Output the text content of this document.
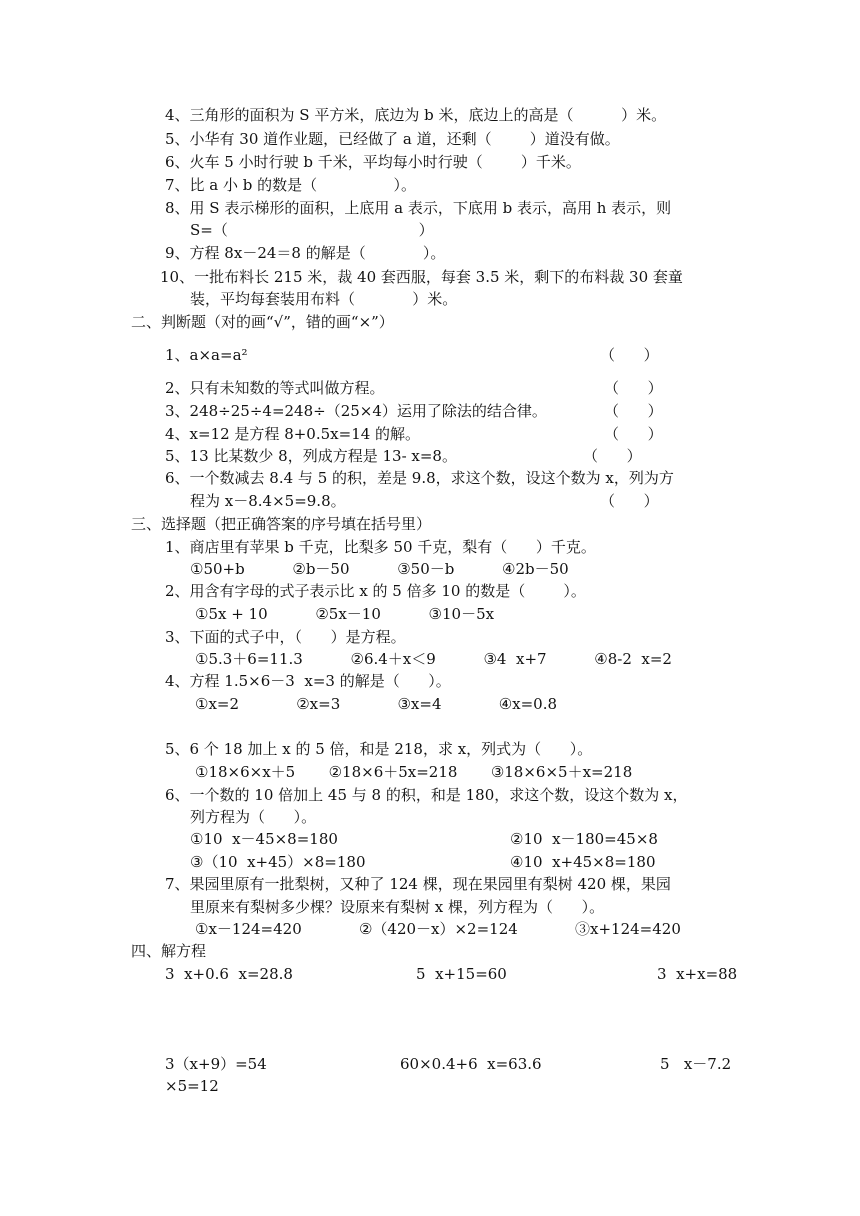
4、三角形的面积为 S 平方米，底边为 b 米，底边上的高是（          ）米。
5、小华有 30 道作业题，已经做了 a 道，还剩（        ）道没有做。
6、火车 5 小时行驶 b 千米，平均每小时行驶（        ）千米。
7、比 a 小 b 的数是（                ）。
8、用 S 表示梯形的面积，上底用 a 表示，下底用 b 表示，高用 h 表示，则
S=（                                        ）
9、方程 8x－24＝8 的解是（            ）。
10、一批布料长 215 米，裁 40 套西服，每套 3.5 米，剩下的布料裁 30 套童
装，平均每套装用布料（            ）米。
二、判断题（对的画“√”，错的画“×”）
1、a×a=a²	（      ）
2、只有未知数的等式叫做方程。	（      ）
3、248÷25÷4=248÷（25×4）运用了除法的结合律。	（      ）
4、x=12 是方程 8+0.5x=14 的解。	（      ）
5、13 比某数少 8，列成方程是 13- x=8。	（      ）
6、一个数减去 8.4 与 5 的积，差是 9.8，求这个数，设这个数为 x，列为方
程为 x－8.4×5=9.8。	（      ）
三、选择题（把正确答案的序号填在括号里）
1、商店里有苹果 b 千克，比梨多 50 千克，梨有（      ）千克。
①50+b          ②b－50          ③50－b          ④2b－50
2、用含有字母的式子表示比 x 的 5 倍多 10 的数是（        ）。
①5x + 10          ②5x－10          ③10－5x
3、下面的式子中，（      ）是方程。
①5.3＋6=11.3          ②6.4＋x＜9          ③4  x+7          ④8-2  x=2
4、方程 1.5×6－3  x=3 的解是（      ）。
①x=2            ②x=3            ③x=4            ④x=0.8
5、6 个 18 加上 x 的 5 倍，和是 218，求 x，列式为（      ）。
①18×6×x＋5       ②18×6＋5x=218       ③18×6×5＋x=218
6、一个数的 10 倍加上 45 与 8 的积，和是 180，求这个数，设这个数为 x，
列方程为（      ）。
①10  x－45×8=180	②10  x－180=45×8
③（10  x+45）×8=180	④10  x+45×8=180
7、果园里原有一批梨树，又种了 124 棵，现在果园里有梨树 420 棵，果园
里原来有梨树多少棵？设原来有梨树 x 棵，列方程为（      ）。
①x－124=420            ②（420－x）×2=124            ③x+124=420
四、解方程
3  x+0.6  x=28.8	5  x+15=60	3  x+x=88
3（x+9）=54	60×0.4+6  x=63.6	5   x－7.2
×5=12
